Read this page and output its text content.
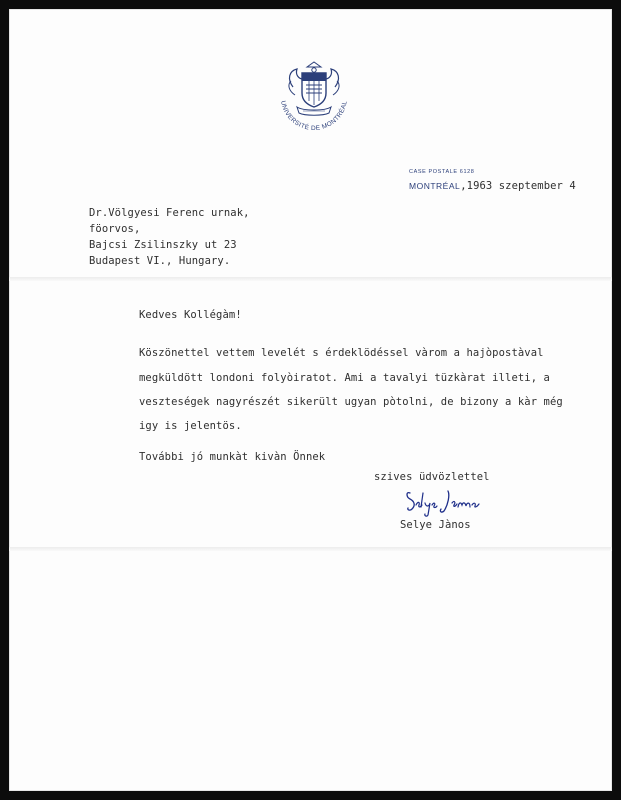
UNIVERSITÉ DE MONTRÉAL
CASE POSTALE 6128
MONTRÉAL,1963 szeptember 4
Dr.Völgyesi Ferenc urnak,
föorvos,
Bajcsi Zsilinszky ut 23
Budapest VI., Hungary.
Kedves Kollégàm!
Köszönettel vettem levelét s érdeklödéssel vàrom a hajòpostàval
megküldött londoni folyòiratot. Ami a tavalyi tüzkàrat illeti, a
veszteségek nagyrészét sikerült ugyan pòtolni, de bizony a kàr még
igy is jelentös.
További jó munkàt kivàn Önnek
szives üdvözlettel
Selye Jànos
